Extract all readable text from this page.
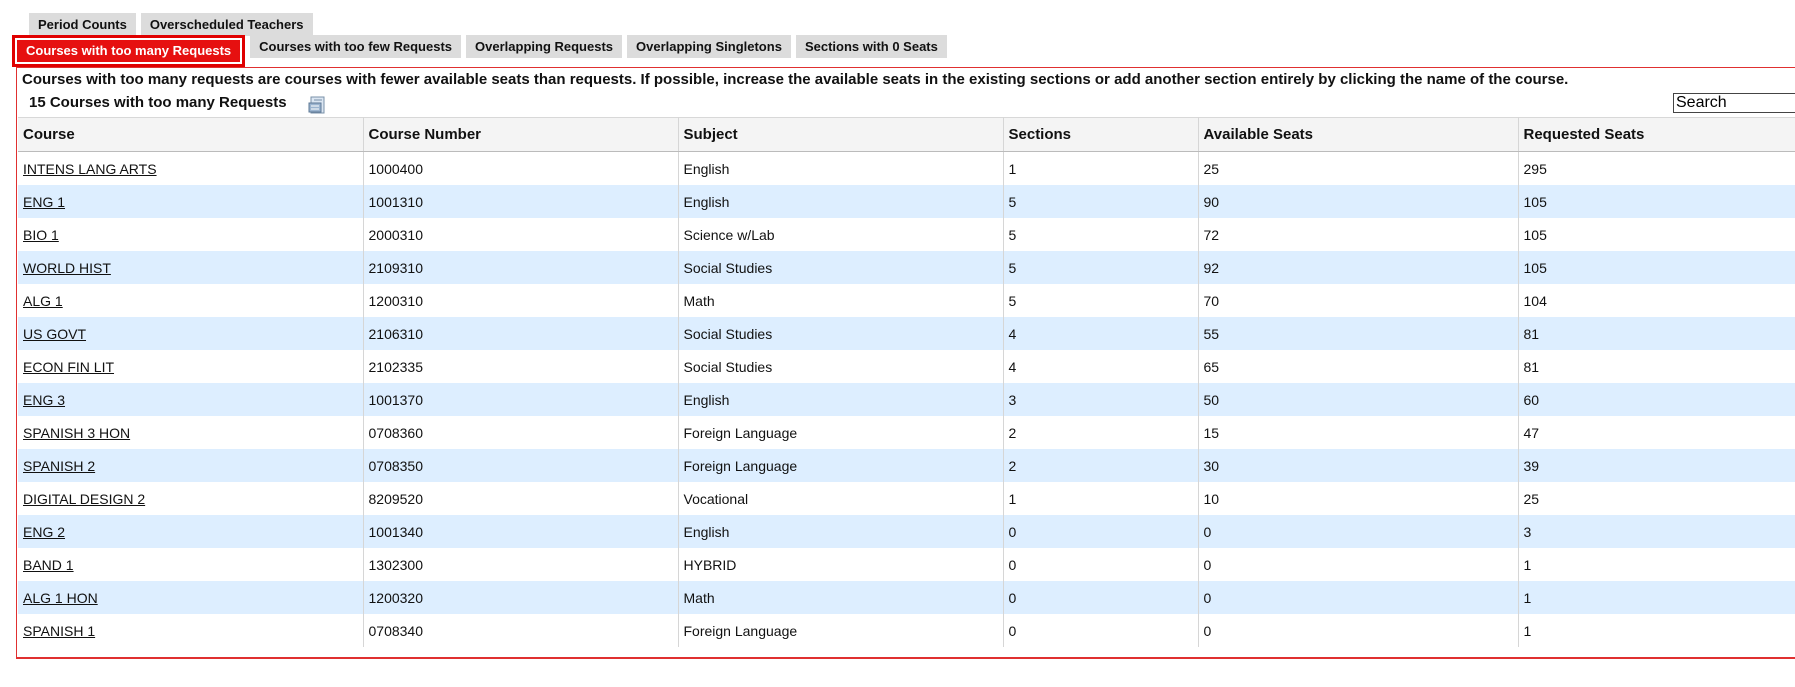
Period Counts	Overscheduled Teachers
Courses with too many Requests	Courses with too few Requests	Overlapping Requests	Overlapping Singletons	Sections with 0 Seats
Courses with too many requests are courses with fewer available seats than requests. If possible, increase the available seats in the existing sections or add another section entirely by clicking the name of the course.
15 Courses with too many Requests
Search
Course	Course Number	Subject	Sections	Available Seats	Requested Seats
INTENS LANG ARTS	1000400	English	1	25	295
ENG 1	1001310	English	5	90	105
BIO 1	2000310	Science w/Lab	5	72	105
WORLD HIST	2109310	Social Studies	5	92	105
ALG 1	1200310	Math	5	70	104
US GOVT	2106310	Social Studies	4	55	81
ECON FIN LIT	2102335	Social Studies	4	65	81
ENG 3	1001370	English	3	50	60
SPANISH 3 HON	0708360	Foreign Language	2	15	47
SPANISH 2	0708350	Foreign Language	2	30	39
DIGITAL DESIGN 2	8209520	Vocational	1	10	25
ENG 2	1001340	English	0	0	3
BAND 1	1302300	HYBRID	0	0	1
ALG 1 HON	1200320	Math	0	0	1
SPANISH 1	0708340	Foreign Language	0	0	1
